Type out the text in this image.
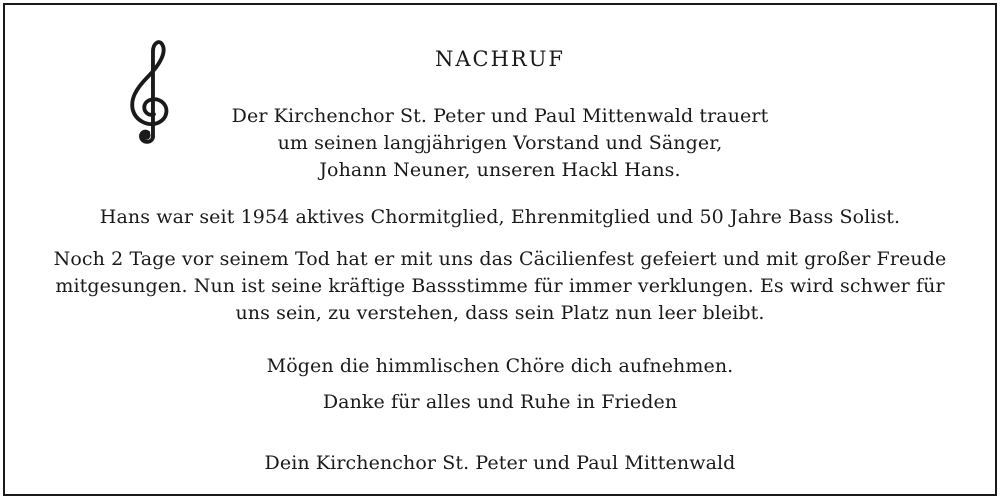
NACHRUF
Der Kirchenchor St. Peter und Paul Mittenwald trauert
um seinen langjährigen Vorstand und Sänger,
Johann Neuner, unseren Hackl Hans.
Hans war seit 1954 aktives Chormitglied, Ehrenmitglied und 50 Jahre Bass Solist.
Noch 2 Tage vor seinem Tod hat er mit uns das Cäcilienfest gefeiert und mit großer Freude
mitgesungen. Nun ist seine kräftige Bassstimme für immer verklungen. Es wird schwer für
uns sein, zu verstehen, dass sein Platz nun leer bleibt.
Mögen die himmlischen Chöre dich aufnehmen.
Danke für alles und Ruhe in Frieden
Dein Kirchenchor St. Peter und Paul Mittenwald
